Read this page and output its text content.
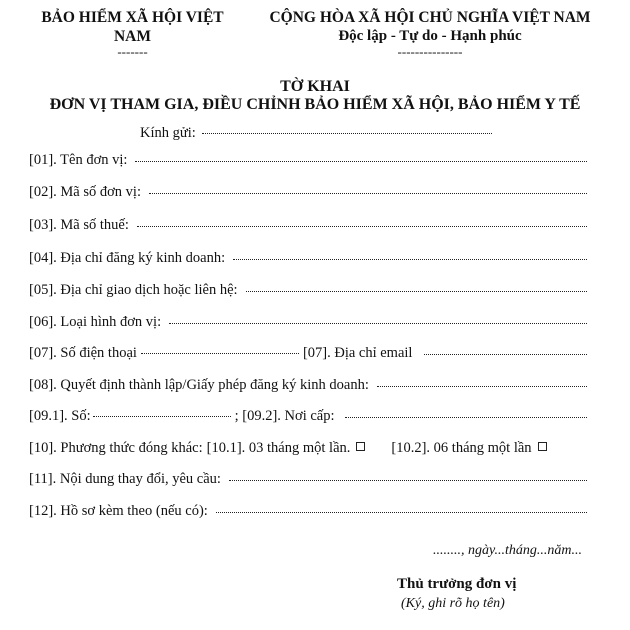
BẢO HIỂM XÃ HỘI VIỆT
NAM
-------
CỘNG HÒA XÃ HỘI CHỦ NGHĨA VIỆT NAM
Độc lập - Tự do - Hạnh phúc
---------------
TỜ KHAI
ĐƠN VỊ THAM GIA, ĐIỀU CHỈNH BẢO HIỂM XÃ HỘI, BẢO HIỂM Y TẾ
Kính gửi:
[01]. Tên đơn vị:
[02]. Mã số đơn vị:
[03]. Mã số thuế:
[04]. Địa chỉ đăng ký kinh doanh:
[05]. Địa chỉ giao dịch hoặc liên hệ:
[06]. Loại hình đơn vị:
[07]. Số điện thoại	[07]. Địa chỉ email
[08]. Quyết định thành lập/Giấy phép đăng ký kinh doanh:
[09.1]. Số:	; [09.2]. Nơi cấp:
[10]. Phương thức đóng khác: [10.1]. 03 tháng một lần.	[10.2]. 06 tháng một lần
[11]. Nội dung thay đổi, yêu cầu:
[12]. Hồ sơ kèm theo (nếu có):
........, ngày...tháng...năm...
Thủ trưởng đơn vị
(Ký, ghi rõ họ tên)
